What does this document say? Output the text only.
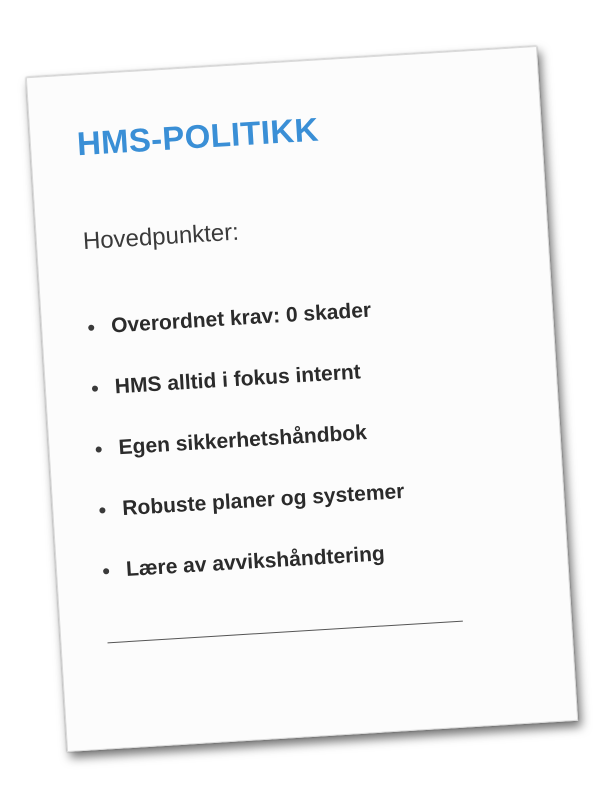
HMS-POLITIKK
Hovedpunkter:
Overordnet krav: 0 skader
HMS alltid i fokus internt
Egen sikkerhetshåndbok
Robuste planer og systemer
Lære av avvikshåndtering
